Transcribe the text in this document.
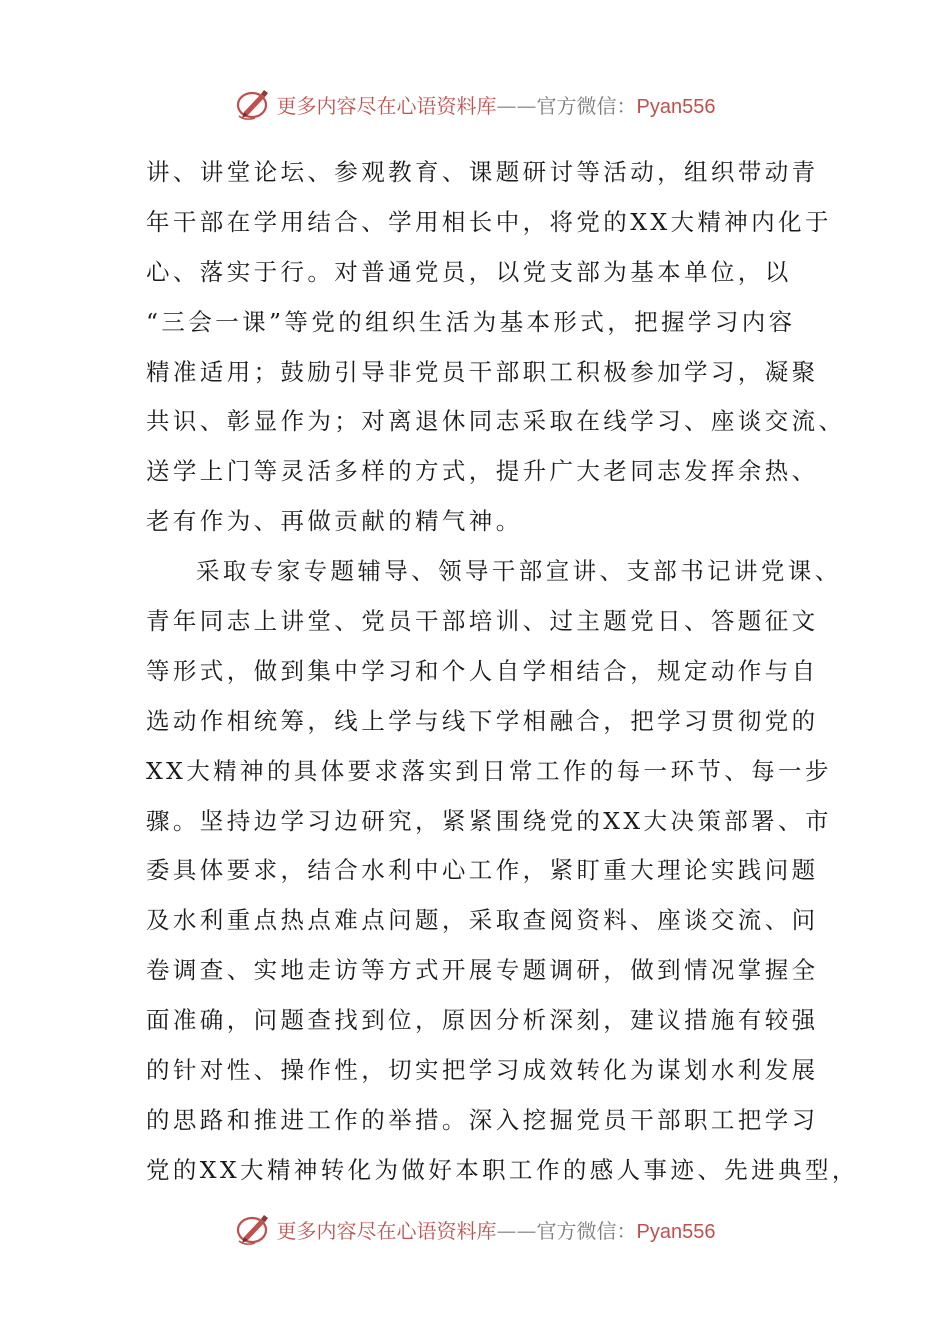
更多内容尽在心语资料库——官方微信：Pyan556
讲、讲堂论坛、参观教育、课题研讨等活动，组织带动青
年干部在学用结合、学用相长中，将党的XX大精神内化于
心、落实于行。对普通党员，以党支部为基本单位，以
“三会一课”等党的组织生活为基本形式，把握学习内容
精准适用；鼓励引导非党员干部职工积极参加学习，凝聚
共识、彰显作为；对离退休同志采取在线学习、座谈交流、
送学上门等灵活多样的方式，提升广大老同志发挥余热、
老有作为、再做贡献的精气神。
采取专家专题辅导、领导干部宣讲、支部书记讲党课、
青年同志上讲堂、党员干部培训、过主题党日、答题征文
等形式，做到集中学习和个人自学相结合，规定动作与自
选动作相统筹，线上学与线下学相融合，把学习贯彻党的
XX大精神的具体要求落实到日常工作的每一环节、每一步
骤。坚持边学习边研究，紧紧围绕党的XX大决策部署、市
委具体要求，结合水利中心工作，紧盯重大理论实践问题
及水利重点热点难点问题，采取查阅资料、座谈交流、问
卷调查、实地走访等方式开展专题调研，做到情况掌握全
面准确，问题查找到位，原因分析深刻，建议措施有较强
的针对性、操作性，切实把学习成效转化为谋划水利发展
的思路和推进工作的举措。深入挖掘党员干部职工把学习
党的XX大精神转化为做好本职工作的感人事迹、先进典型，
更多内容尽在心语资料库——官方微信：Pyan556
